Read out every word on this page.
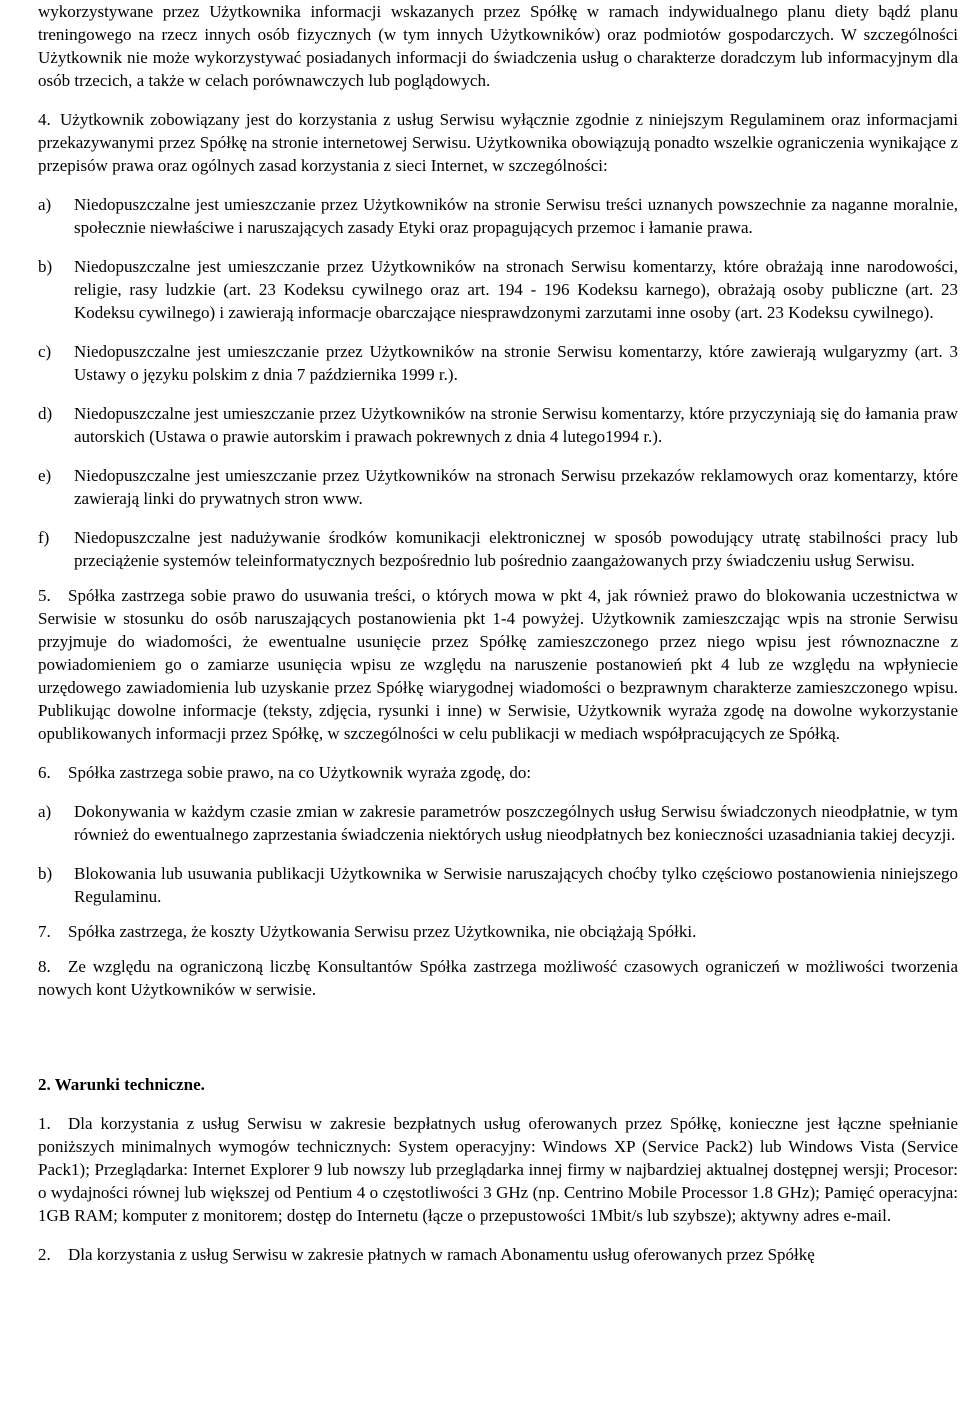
wykorzystywane przez Użytkownika informacji wskazanych przez Spółkę w ramach indywidualnego planu diety bądź planu treningowego na rzecz innych osób fizycznych (w tym innych Użytkowników) oraz podmiotów gospodarczych. W szczególności Użytkownik nie może wykorzystywać posiadanych informacji do świadczenia usług o charakterze doradczym lub informacyjnym dla osób trzecich, a także w celach porównawczych lub poglądowych.

4. Użytkownik zobowiązany jest do korzystania z usług Serwisu wyłącznie zgodnie z niniejszym Regulaminem oraz informacjami przekazywanymi przez Spółkę na stronie internetowej Serwisu. Użytkownika obowiązują ponadto wszelkie ograniczenia wynikające z przepisów prawa oraz ogólnych zasad korzystania z sieci Internet, w szczególności:

a)	Niedopuszczalne jest umieszczanie przez Użytkowników na stronie Serwisu treści uznanych powszechnie za naganne moralnie, społecznie niewłaściwe i naruszających zasady Etyki oraz propagujących przemoc i łamanie prawa.

b)	Niedopuszczalne jest umieszczanie przez Użytkowników na stronach Serwisu komentarzy, które obrażają inne narodowości, religie, rasy ludzkie (art. 23 Kodeksu cywilnego oraz art. 194 - 196 Kodeksu karnego), obrażają osoby publiczne (art. 23 Kodeksu cywilnego) i zawierają informacje obarczające niesprawdzonymi zarzutami inne osoby (art. 23 Kodeksu cywilnego).

c)	Niedopuszczalne jest umieszczanie przez Użytkowników na stronie Serwisu komentarzy, które zawierają wulgaryzmy (art. 3 Ustawy o języku polskim z dnia 7 października 1999 r.).

d)	Niedopuszczalne jest umieszczanie przez Użytkowników na stronie Serwisu komentarzy, które przyczyniają się do łamania praw autorskich (Ustawa o prawie autorskim i prawach pokrewnych z dnia 4 lutego1994 r.).

e)	Niedopuszczalne jest umieszczanie przez Użytkowników na stronach Serwisu przekazów reklamowych oraz komentarzy, które zawierają linki do prywatnych stron www.

f)	Niedopuszczalne jest nadużywanie środków komunikacji elektronicznej w sposób powodujący utratę stabilności pracy lub przeciążenie systemów teleinformatycznych bezpośrednio lub pośrednio zaangażowanych przy świadczeniu usług Serwisu.

5. Spółka zastrzega sobie prawo do usuwania treści, o których mowa w pkt 4, jak również prawo do blokowania uczestnictwa w Serwisie w stosunku do osób naruszających postanowienia pkt 1-4 powyżej. Użytkownik zamieszczając wpis na stronie Serwisu przyjmuje do wiadomości, że ewentualne usunięcie przez Spółkę zamieszczonego przez niego wpisu jest równoznaczne z powiadomieniem go o zamiarze usunięcia wpisu ze względu na naruszenie postanowień pkt 4 lub ze względu na wpłyniecie urzędowego zawiadomienia lub uzyskanie przez Spółkę wiarygodnej wiadomości o bezprawnym charakterze zamieszczonego wpisu. Publikując dowolne informacje (teksty, zdjęcia, rysunki i inne) w Serwisie, Użytkownik wyraża zgodę na dowolne wykorzystanie opublikowanych informacji przez Spółkę, w szczególności w celu publikacji w mediach współpracujących ze Spółką.

6. Spółka zastrzega sobie prawo, na co Użytkownik wyraża zgodę, do:

a)	Dokonywania w każdym czasie zmian w zakresie parametrów poszczególnych usług Serwisu świadczonych nieodpłatnie, w tym również do ewentualnego zaprzestania świadczenia niektórych usług nieodpłatnych bez konieczności uzasadniania takiej decyzji.

b)	Blokowania lub usuwania publikacji Użytkownika w Serwisie naruszających choćby tylko częściowo postanowienia niniejszego Regulaminu.

7. Spółka zastrzega, że koszty Użytkowania Serwisu przez Użytkownika, nie obciążają Spółki.

8. Ze względu na ograniczoną liczbę Konsultantów Spółka zastrzega możliwość czasowych ograniczeń w możliwości tworzenia nowych kont Użytkowników w serwisie.

2. Warunki techniczne.

1. Dla korzystania z usług Serwisu w zakresie bezpłatnych usług oferowanych przez Spółkę, konieczne jest łączne spełnianie poniższych minimalnych wymogów technicznych: System operacyjny: Windows XP (Service Pack2) lub Windows Vista (Service Pack1); Przeglądarka: Internet Explorer 9 lub nowszy lub przeglądarka innej firmy w najbardziej aktualnej dostępnej wersji; Procesor: o wydajności równej lub większej od Pentium 4 o częstotliwości 3 GHz (np. Centrino Mobile Processor 1.8 GHz); Pamięć operacyjna: 1GB RAM; komputer z monitorem; dostęp do Internetu (łącze o przepustowości 1Mbit/s lub szybsze); aktywny adres e-mail.

2. Dla korzystania z usług Serwisu w zakresie płatnych w ramach Abonamentu usług oferowanych przez Spółkę
